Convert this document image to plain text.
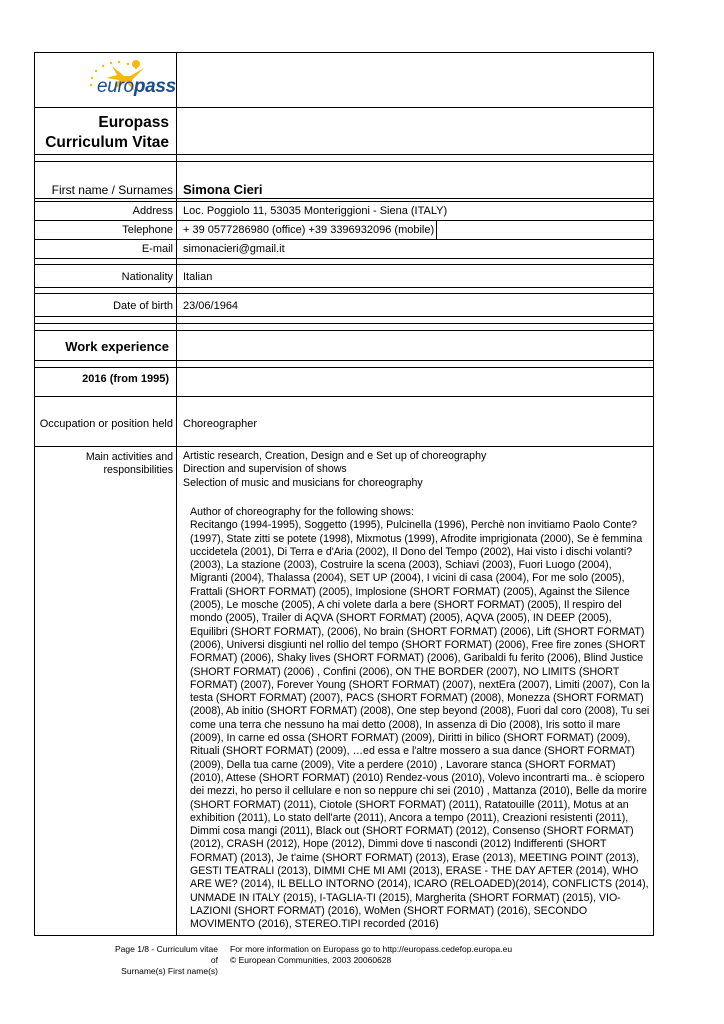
europass
Europass
Curriculum Vitae
First name / Surnames Simona Cieri
Address Loc. Poggiolo 11, 53035 Monteriggioni - Siena (ITALY)
Telephone + 39 0577286980 (office) +39 3396932096 (mobile)
E-mail simonacieri@gmail.it
Nationality Italian
Date of birth 23/06/1964
Work experience
2016 (from 1995)
Occupation or position held Choreographer
Main activities and
responsibilities
Artistic research, Creation, Design and e Set up of choreography
Direction and supervision of shows
Selection of music and musicians for choreography
Author of choreography for the following shows:

Recitango (1994-1995), Soggetto (1995), Pulcinella (1996), Perchè non invitiamo Paolo Conte? (1997), State zitti se potete (1998), Mixmotus (1999), Afrodite imprigionata (2000), Se è femmina uccidetela (2001), Di Terra e d'Aria (2002), Il Dono del Tempo (2002), Hai visto i dischi volanti? (2003), La stazione (2003), Costruire la scena (2003), Schiavi (2003), Fuori Luogo (2004), Migranti (2004), Thalassa (2004), SET UP (2004), I vicini di casa (2004), For me solo (2005), Frattali (SHORT FORMAT) (2005), Implosione (SHORT FORMAT) (2005), Against the Silence (2005), Le mosche (2005), A chi volete darla a bere (SHORT FORMAT) (2005), Il respiro del mondo (2005), Trailer di AQVA (SHORT FORMAT) (2005), AQVA (2005), IN DEEP (2005), Equilibri (SHORT FORMAT), (2006), No brain (SHORT FORMAT) (2006), Lift (SHORT FORMAT) (2006), Universi disgiunti nel rollio del tempo (SHORT FORMAT) (2006), Free fire zones (SHORT FORMAT) (2006), Shaky lives (SHORT FORMAT) (2006), Garibaldi fu ferito (2006), Blind Justice (SHORT FORMAT) (2006) , Confini (2006), ON THE BORDER (2007), NO LIMITS (SHORT FORMAT) (2007), Forever Young (SHORT FORMAT) (2007), nextEra (2007), Limiti (2007), Con la testa (SHORT FORMAT) (2007), PACS (SHORT FORMAT) (2008), Monezza (SHORT FORMAT) (2008), Ab initio (SHORT FORMAT) (2008), One step beyond (2008), Fuori dal coro (2008), Tu sei come una terra che nessuno ha mai detto (2008), In assenza di Dio (2008), Iris sotto il mare (2009), In carne ed ossa (SHORT FORMAT) (2009), Diritti in bilico (SHORT FORMAT) (2009), Rituali (SHORT FORMAT) (2009), …ed essa e l'altre mossero a sua dance (SHORT FORMAT) (2009), Della tua carne (2009), Vite a perdere (2010) , Lavorare stanca (SHORT FORMAT) (2010), Attese (SHORT FORMAT) (2010) Rendez-vous (2010), Volevo incontrarti ma.. è sciopero dei mezzi, ho perso il cellulare e non so neppure chi sei (2010) , Mattanza (2010), Belle da morire (SHORT FORMAT) (2011), Ciotole (SHORT FORMAT) (2011), Ratatouille (2011), Motus at an exhibition (2011), Lo stato dell'arte (2011), Ancora a tempo (2011), Creazioni resistenti (2011), Dimmi cosa mangi (2011), Black out (SHORT FORMAT) (2012), Consenso (SHORT FORMAT) (2012), CRASH (2012), Hope (2012), Dimmi dove ti nascondi (2012) Indifferenti (SHORT FORMAT) (2013), Je t'aime (SHORT FORMAT) (2013), Erase (2013), MEETING POINT (2013), GESTI TEATRALI (2013), DIMMI CHE MI AMI (2013), ERASE - THE DAY AFTER (2014), WHO ARE WE? (2014), IL BELLO INTORNO (2014), ICARO (RELOADED)(2014), CONFLICTS (2014), UNMADE IN ITALY (2015), I-TAGLIA-TI (2015), Margherita (SHORT FORMAT) (2015), VIO-LAZIONI (SHORT FORMAT) (2016), WoMen (SHORT FORMAT) (2016), SECONDO MOVIMENTO (2016), STEREO.TIPI recorded (2016)

Page 1/8 - Curriculum vitae of
Surname(s) First name(s)
For more information on Europass go to http://europass.cedefop.europa.eu
© European Communities, 2003 20060628
